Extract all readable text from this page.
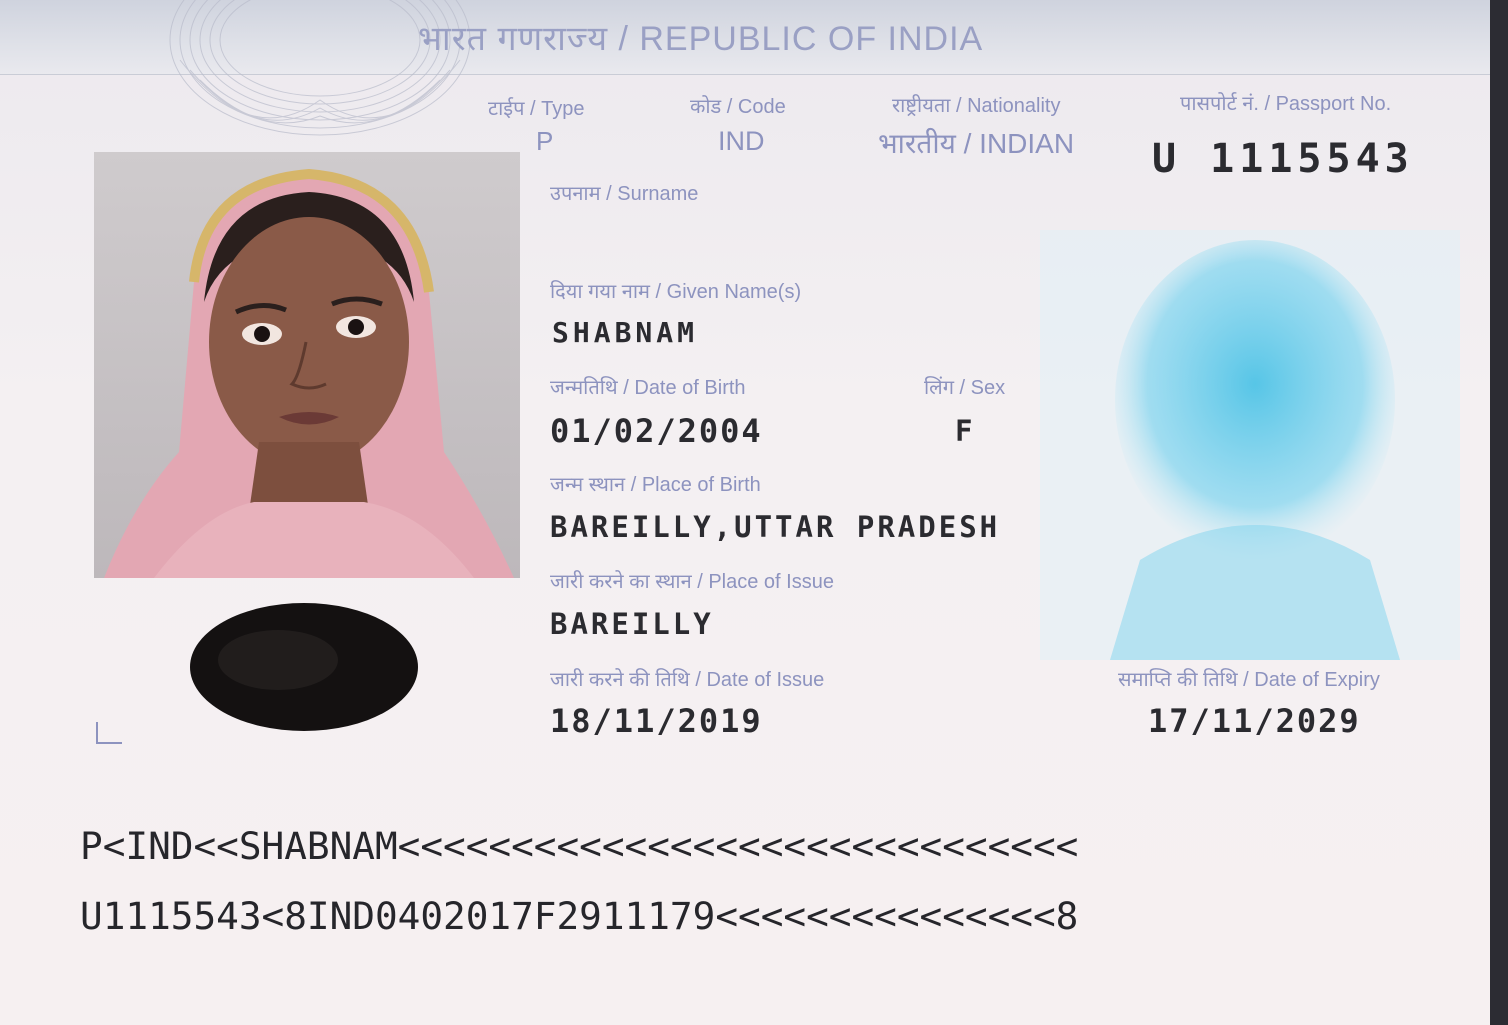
भारत गणराज्य / REPUBLIC OF INDIA
टाईप / Type
P
कोड / Code
IND
राष्ट्रीयता / Nationality
भारतीय / INDIAN
पासपोर्ट नं. / Passport No.
U 1115543
उपनाम / Surname
दिया गया नाम / Given Name(s)
SHABNAM
जन्मतिथि / Date of Birth
01/02/2004
लिंग / Sex
F
जन्म स्थान / Place of Birth
BAREILLY,UTTAR PRADESH
जारी करने का स्थान / Place of Issue
BAREILLY
जारी करने की तिथि / Date of Issue
18/11/2019
समाप्ति की तिथि / Date of Expiry
17/11/2029
P<IND<<SHABNAM<<<<<<<<<<<<<<<<<<<<<<<<<<<<<<
U1115543<8IND0402017F2911179<<<<<<<<<<<<<<<8
